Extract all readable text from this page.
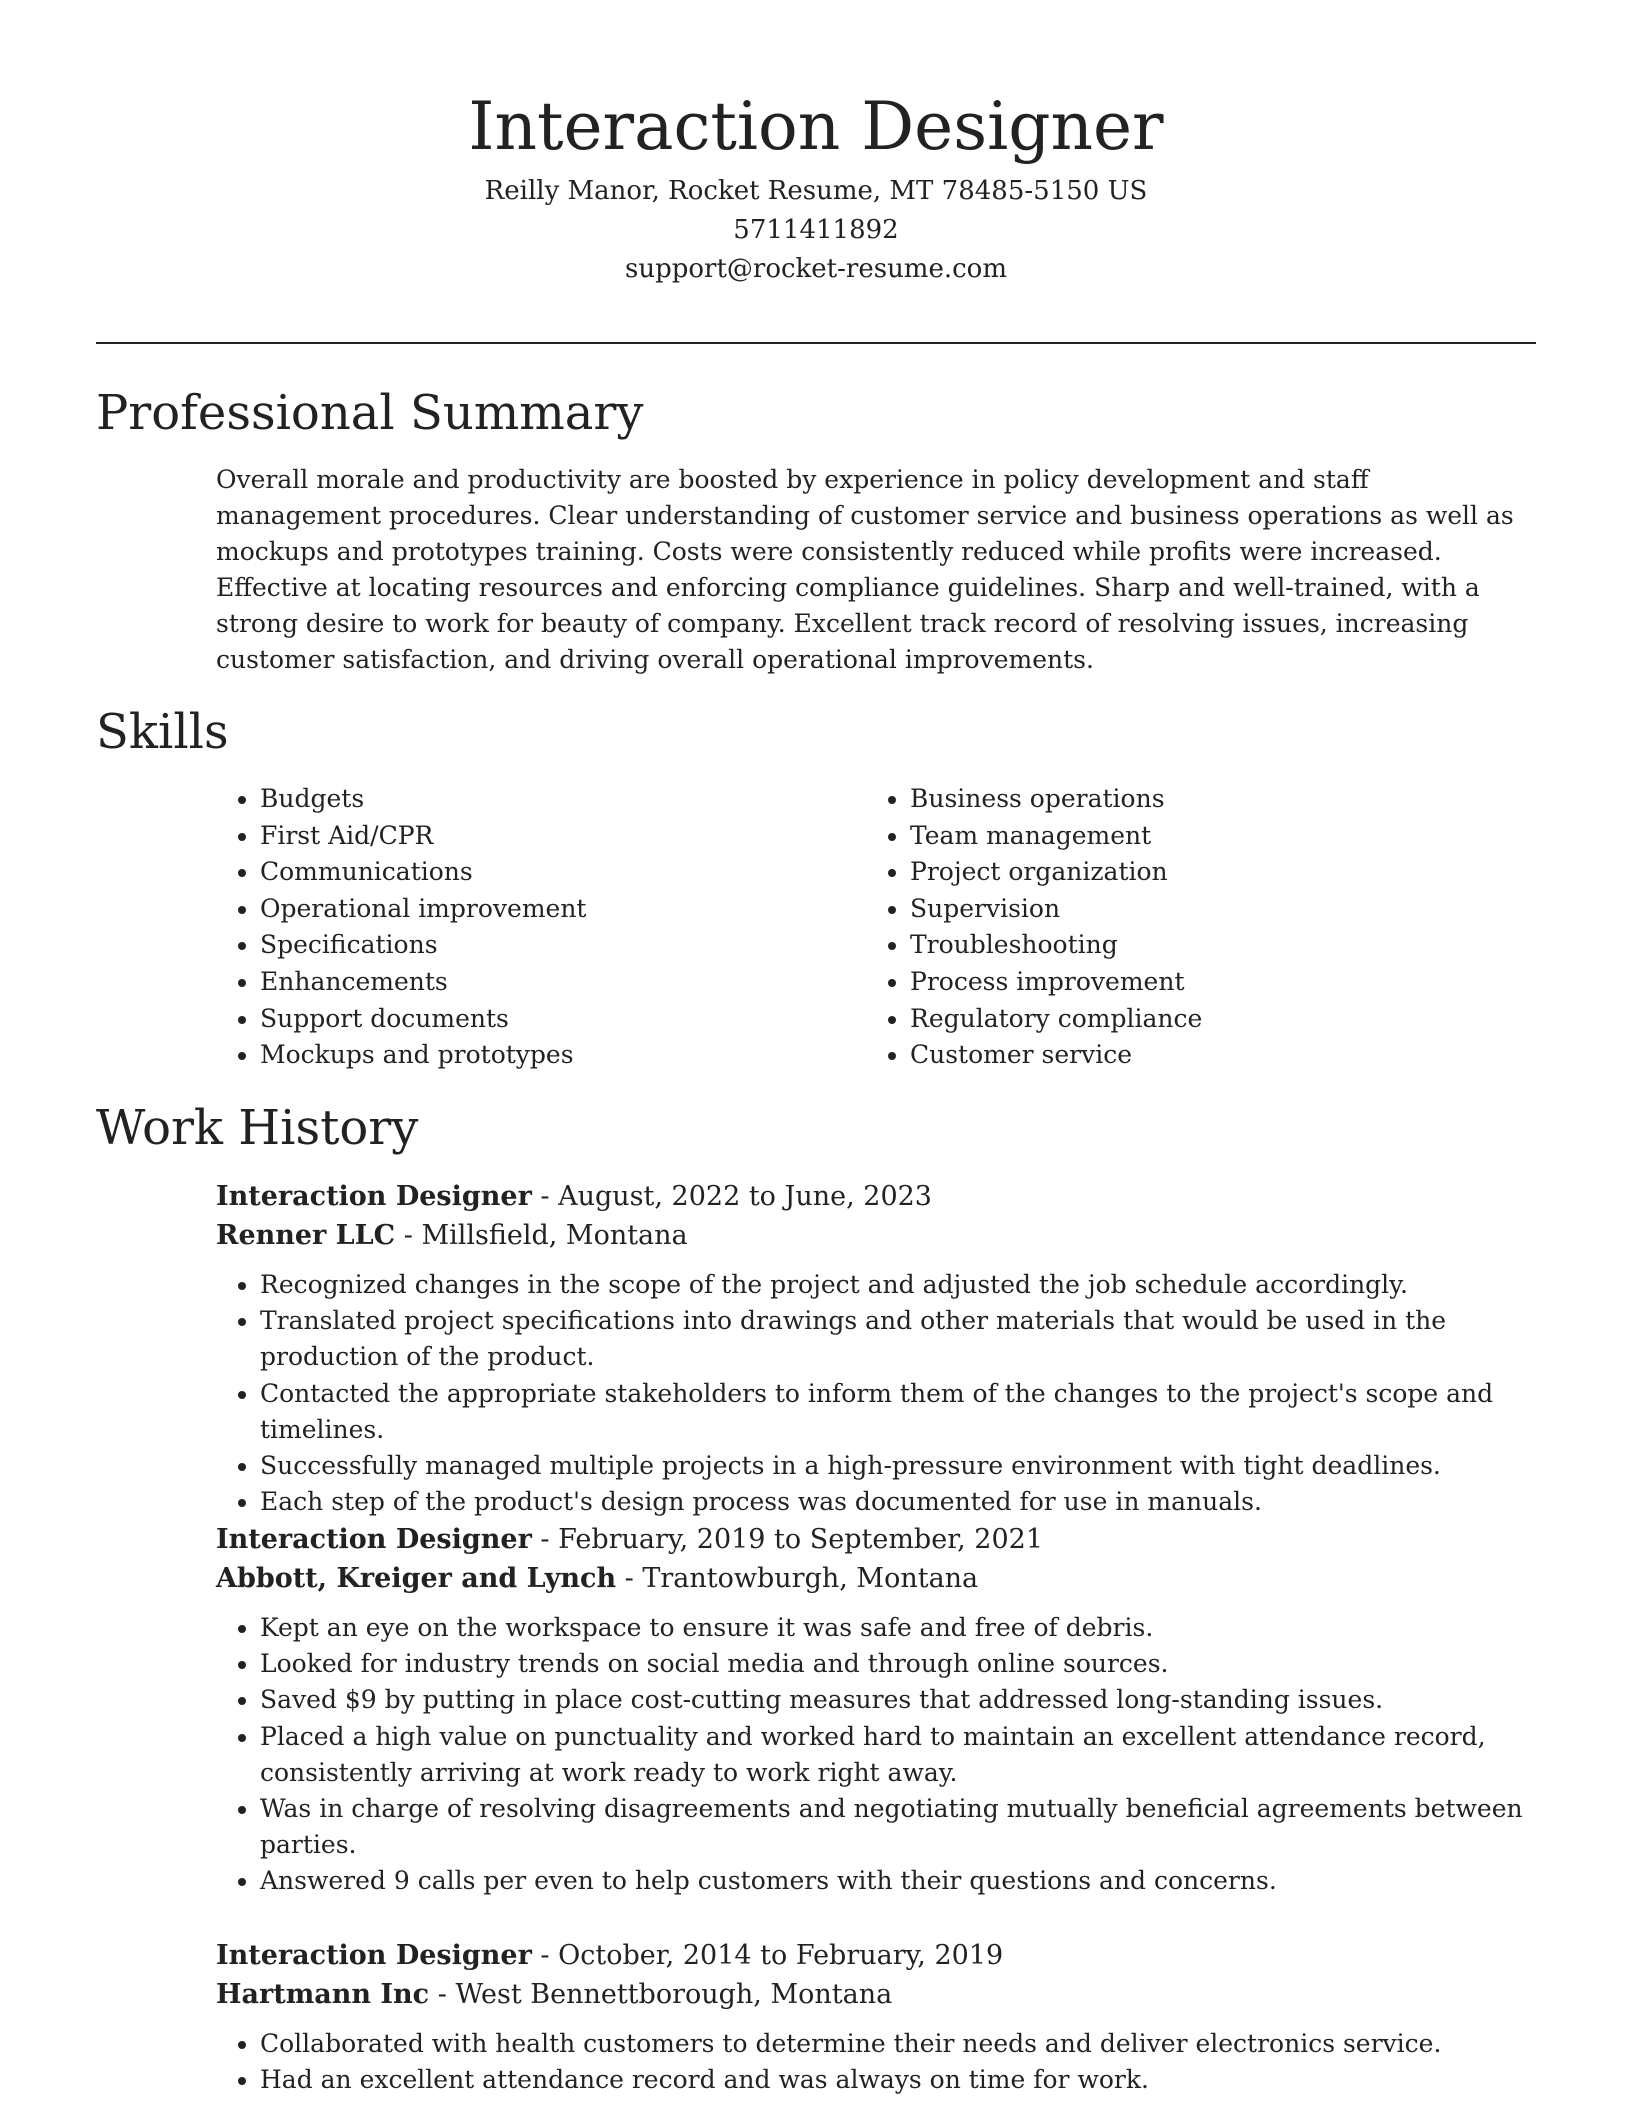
Interaction Designer

Reilly Manor, Rocket Resume, MT 78485-5150 US
5711411892
support@rocket-resume.com

Professional Summary

Overall morale and productivity are boosted by experience in policy development and staff management procedures. Clear understanding of customer service and business operations as well as mockups and prototypes training. Costs were consistently reduced while profits were increased. Effective at locating resources and enforcing compliance guidelines. Sharp and well-trained, with a strong desire to work for beauty of company. Excellent track record of resolving issues, increasing customer satisfaction, and driving overall operational improvements.

Skills
• Budgets
• First Aid/CPR
• Communications
• Operational improvement
• Specifications
• Enhancements
• Support documents
• Mockups and prototypes
• Business operations
• Team management
• Project organization
• Supervision
• Troubleshooting
• Process improvement
• Regulatory compliance
• Customer service
Work History

Interaction Designer - August, 2022 to June, 2023

Renner LLC - Millsfield, Montana

• Recognized changes in the scope of the project and adjusted the job schedule accordingly.
• Translated project specifications into drawings and other materials that would be used in the production of the product.
• Contacted the appropriate stakeholders to inform them of the changes to the project's scope and timelines.
• Successfully managed multiple projects in a high-pressure environment with tight deadlines.
• Each step of the product's design process was documented for use in manuals.

Interaction Designer - February, 2019 to September, 2021

Abbott, Kreiger and Lynch - Trantowburgh, Montana

• Kept an eye on the workspace to ensure it was safe and free of debris.
• Looked for industry trends on social media and through online sources.
• Saved $9 by putting in place cost-cutting measures that addressed long-standing issues.
• Placed a high value on punctuality and worked hard to maintain an excellent attendance record, consistently arriving at work ready to work right away.
• Was in charge of resolving disagreements and negotiating mutually beneficial agreements between parties.
• Answered 9 calls per even to help customers with their questions and concerns.

Interaction Designer - October, 2014 to February, 2019

Hartmann Inc - West Bennettborough, Montana

• Collaborated with health customers to determine their needs and deliver electronics service.
• Had an excellent attendance record and was always on time for work.
